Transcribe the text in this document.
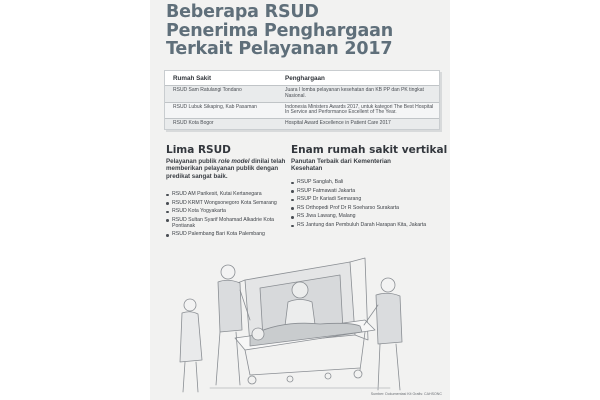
Beberapa RSUD
Penerima Penghargaan
Terkait Pelayanan 2017
Rumah Sakit	Penghargaan
RSUD Sam Ratulangi Tondano	Juara I lomba pelayanan kesehatan dan KB PP dan PK tingkat Nasional.
RSUD Lubuk Sikaping, Kab Pasaman	Indonesia Ministers Awards 2017, untuk kategori The Best Hospital In Service and Performance Excellent of The Year.
RSUD Kota Bogor	Hospital Award Excellence in Patient Care 2017
Lima RSUD
Pelayanan publik role model dinilai telah memberikan pelayanan publik dengan predikat sangat baik.
RSUD AM Parikesit, Kutai Kertanegara
RSUD KRMT Wongsonegoro Kota Semarang
RSUD Kota Yogyakarta
RSUD Sultan Syarif Mohamad Alkadrie Kota Pontianak
RSUD Palembang Bari Kota Palembang
Enam rumah sakit vertikal
Panutan Terbaik dari Kementerian Kesehatan
RSUP Sanglah, Bali
RSUP Fatmawati Jakarta
RSUP Dr Kariadi Semarang
RS Orthopedi Prof Dr R Soeharso Surakarta
RS Jiwa Lawang, Malang
RS Jantung dan Pembuluh Darah Harapan Kita, Jakarta
Sumber: Dokumentasi Kit Grafis: CAHSONC
